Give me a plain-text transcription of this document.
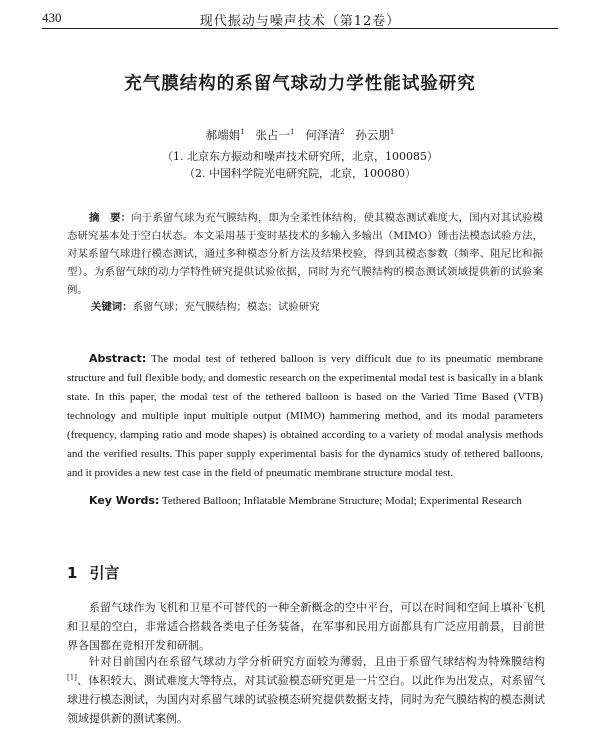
430	现代振动与噪声技术（第12卷）
充气膜结构的系留气球动力学性能试验研究
郝端娟$^1$ 张占一$^1$ 何泽清$^2$ 孙云朋$^1$
（1. 北京东方振动和噪声技术研究所，北京，100085）
（2. 中国科学院光电研究院，北京，100080）

摘　要：向于系留气球为充气膜结构，即为全柔性体结构，使其模态测试难度大，国内对其试验模态研究基本处于空白状态。本文采用基于变时基技术的多输入多输出（MIMO）锤击法模态试验方法，对某系留气球进行模态测试，通过多种模态分析方法及结果校验，得到其模态参数（频率、阻尼比和振型）。为系留气球的动力学特性研究提供试验依据，同时为充气膜结构的模态测试领域提供新的试验案例。

关键词：系留气球；充气膜结构；模态；试验研究

Abstract: The modal test of tethered balloon is very difficult due to its pneumatic membrane structure and full flexible body, and domestic research on the experimental modal test is basically in a blank state. In this paper, the modal test of the tethered balloon is based on the Varied Time Based (VTB) technology and multiple input multiple output (MIMO) hammering method, and its modal parameters (frequency, damping ratio and mode shapes) is obtained according to a variety of modal analysis methods and the verified results. This paper supply experimental basis for the dynamics study of tethered balloons, and it provides a new test case in the field of pneumatic membrane structure modal test.

Key Words: Tethered Balloon; Inflatable Membrane Structure; Modal; Experimental Research

1 引言

系留气球作为飞机和卫星不可替代的一种全新概念的空中平台，可以在时间和空间上填补飞机和卫星的空白，非常适合搭载各类电子任务装备，在军事和民用方面都具有广泛应用前景，目前世界各国都在竞相开发和研制。

针对目前国内在系留气球动力学分析研究方面较为薄弱，且由于系留气球结构为特殊膜结构[1]、体积较大、测试难度大等特点，对其试验模态研究更是一片空白。以此作为出发点，对系留气球进行模态测试，为国内对系留气球的试验模态研究提供数据支持，同时为充气膜结构的模态测试领域提供新的测试案例。
